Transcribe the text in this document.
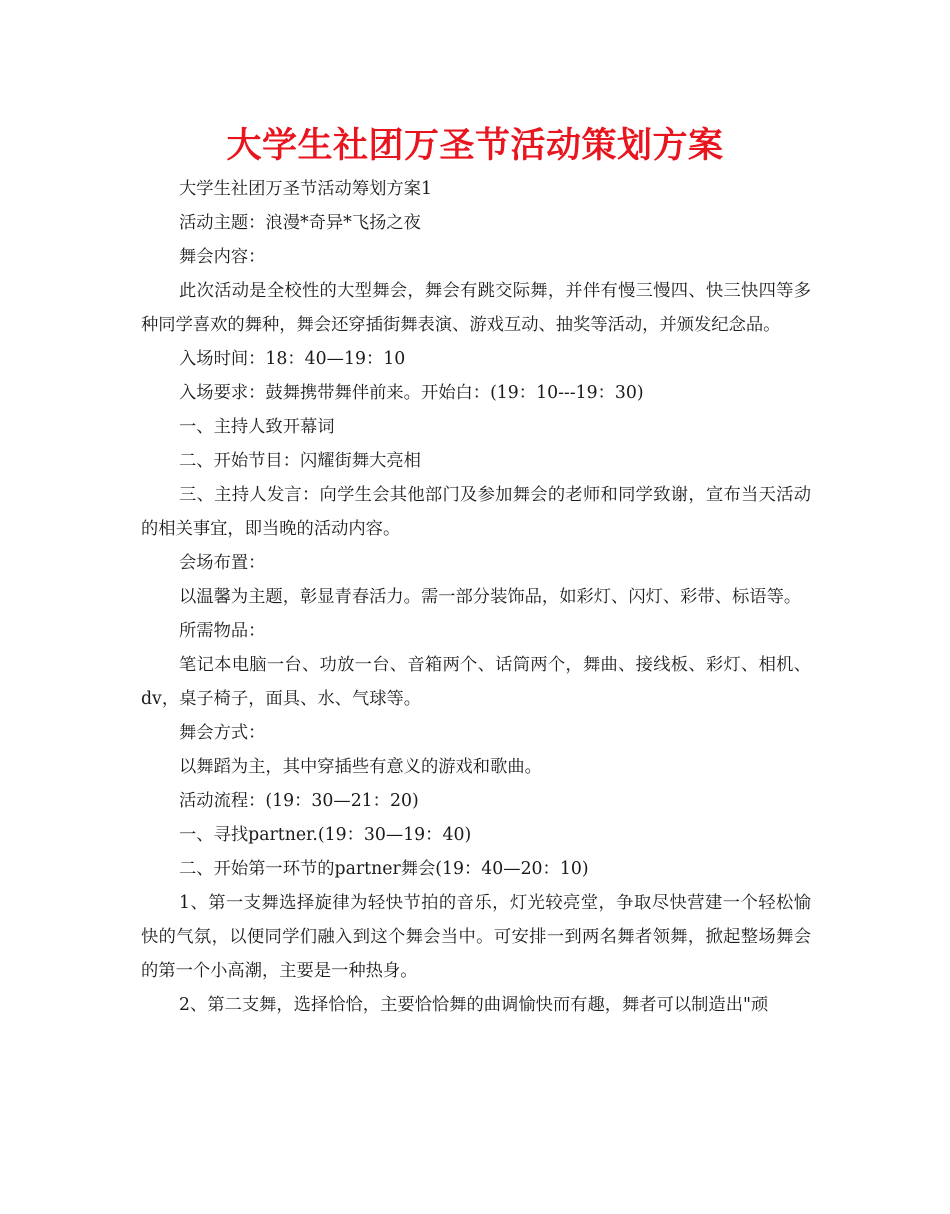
大学生社团万圣节活动策划方案

大学生社团万圣节活动筹划方案1

活动主题：浪漫*奇异*飞扬之夜

舞会内容：

此次活动是全校性的大型舞会，舞会有跳交际舞，并伴有慢三慢四、快三快四等多种同学喜欢的舞种，舞会还穿插街舞表演、游戏互动、抽奖等活动，并颁发纪念品。

入场时间：18：40—19：10

入场要求：鼓舞携带舞伴前来。开始白：(19：10---19：30)

一、主持人致开幕词

二、开始节目：闪耀街舞大亮相

三、主持人发言：向学生会其他部门及参加舞会的老师和同学致谢，宣布当天活动的相关事宜，即当晚的活动内容。

会场布置：

以温馨为主题，彰显青春活力。需一部分装饰品，如彩灯、闪灯、彩带、标语等。

所需物品：

笔记本电脑一台、功放一台、音箱两个、话筒两个，舞曲、接线板、彩灯、相机、dv，桌子椅子，面具、水、气球等。

舞会方式：

以舞蹈为主，其中穿插些有意义的游戏和歌曲。

活动流程：(19：30—21：20)

一、寻找partner.(19：30—19：40)

二、开始第一环节的partner舞会(19：40—20：10)

1、第一支舞选择旋律为轻快节拍的音乐，灯光较亮堂，争取尽快营建一个轻松愉快的气氛，以便同学们融入到这个舞会当中。可安排一到两名舞者领舞，掀起整场舞会的第一个小高潮，主要是一种热身。

2、第二支舞，选择恰恰，主要恰恰舞的曲调愉快而有趣，舞者可以制造出"顽
